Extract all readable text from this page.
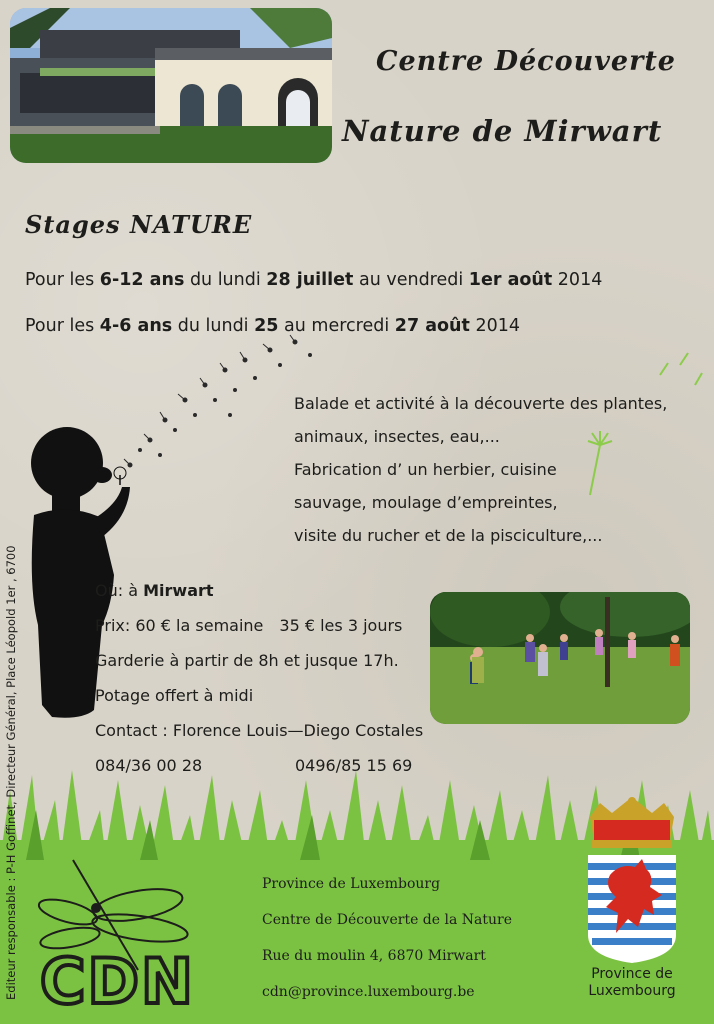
Centre Découverte
Nature de Mirwart
Stages NATURE
Pour les 6-12 ans du lundi 28 juillet au vendredi 1er août 2014
Pour les 4-6 ans du lundi 25 au mercredi 27 août 2014
Balade et activité à la découverte des plantes,
animaux, insectes, eau,...
Fabrication d’ un herbier, cuisine
sauvage, moulage d’empreintes,
visite du rucher et de la pisciculture,...
Où: à Mirwart
Prix: 60 € la semaine 35 € les 3 jours
Garderie à partir de 8h et jusque 17h.
Potage offert à midi
Contact : Florence Louis—Diego Costales
084/36 00 28	0496/85 15 69
Editeur responsable : P-H Goffinet, Directeur Général, Place Léopold 1er , 6700 CDN
Province de Luxembourg
Centre de Découverte de la Nature
Rue du moulin 4, 6870 Mirwart
cdn@province.luxembourg.be
Province de
Luxembourg
